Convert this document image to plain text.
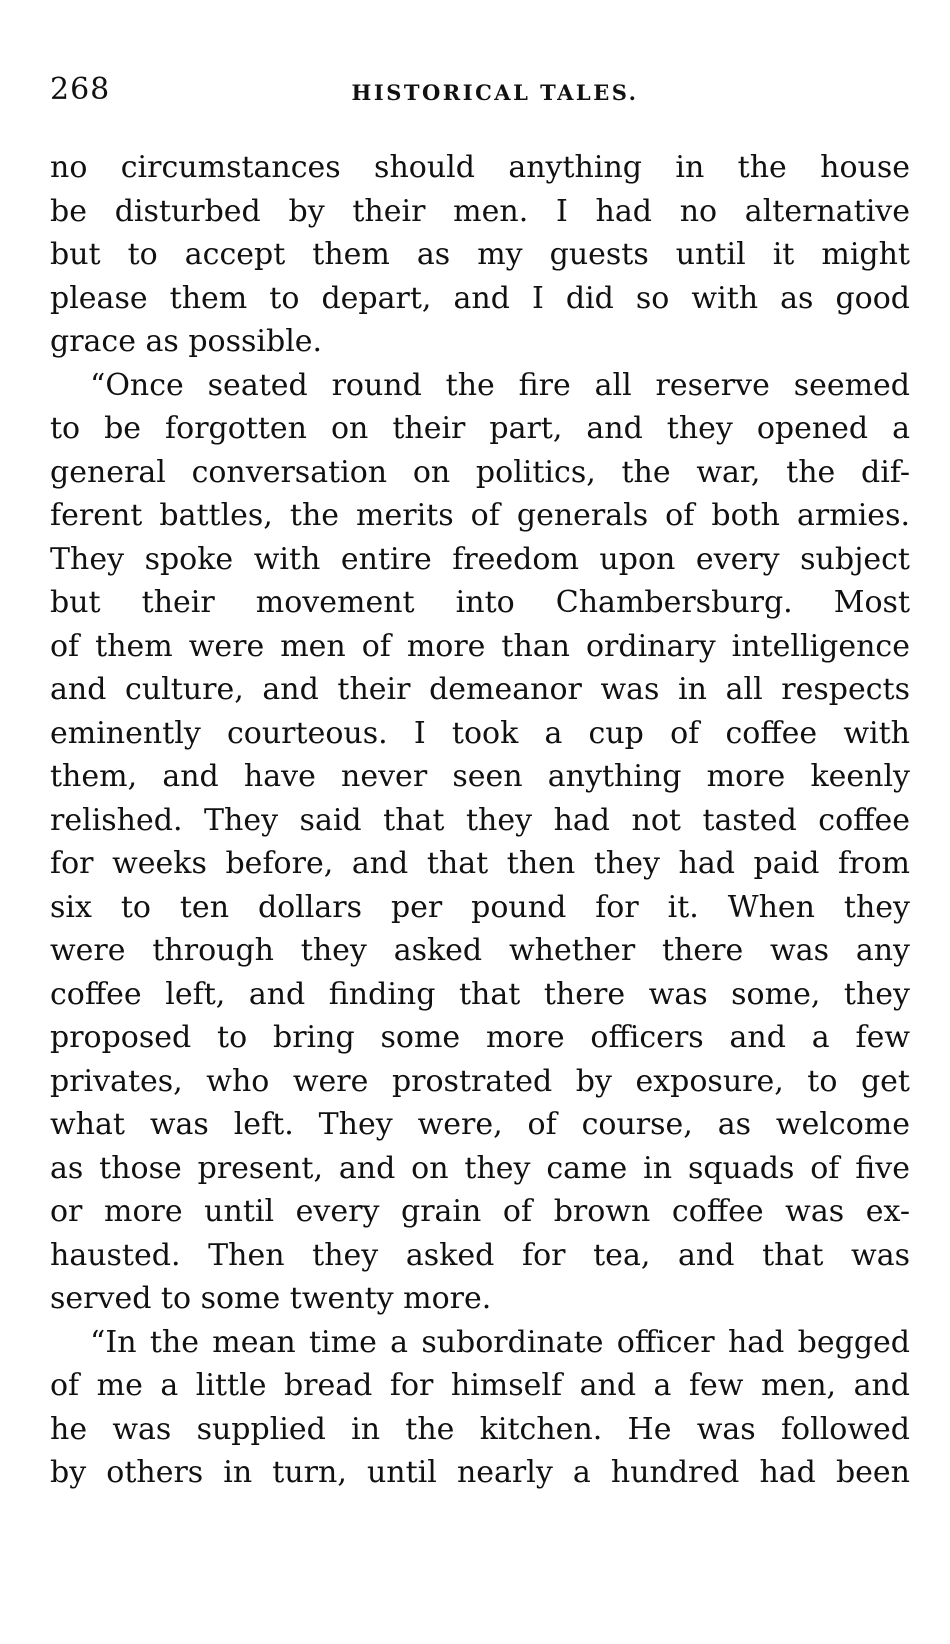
268	HISTORICAL TALES.
no circumstances should anything in the house
be disturbed by their men. I had no alternative
but to accept them as my guests until it might
please them to depart, and I did so with as good
grace as possible.
“Once seated round the fire all reserve seemed
to be forgotten on their part, and they opened a
general conversation on politics, the war, the dif-
ferent battles, the merits of generals of both armies.
They spoke with entire freedom upon every subject
but their movement into Chambersburg. Most
of them were men of more than ordinary intelligence
and culture, and their demeanor was in all respects
eminently courteous. I took a cup of coffee with
them, and have never seen anything more keenly
relished. They said that they had not tasted coffee
for weeks before, and that then they had paid from
six to ten dollars per pound for it. When they
were through they asked whether there was any
coffee left, and finding that there was some, they
proposed to bring some more officers and a few
privates, who were prostrated by exposure, to get
what was left. They were, of course, as welcome
as those present, and on they came in squads of five
or more until every grain of brown coffee was ex-
hausted. Then they asked for tea, and that was
served to some twenty more.
“In the mean time a subordinate officer had begged
of me a little bread for himself and a few men, and
he was supplied in the kitchen. He was followed
by others in turn, until nearly a hundred had been
